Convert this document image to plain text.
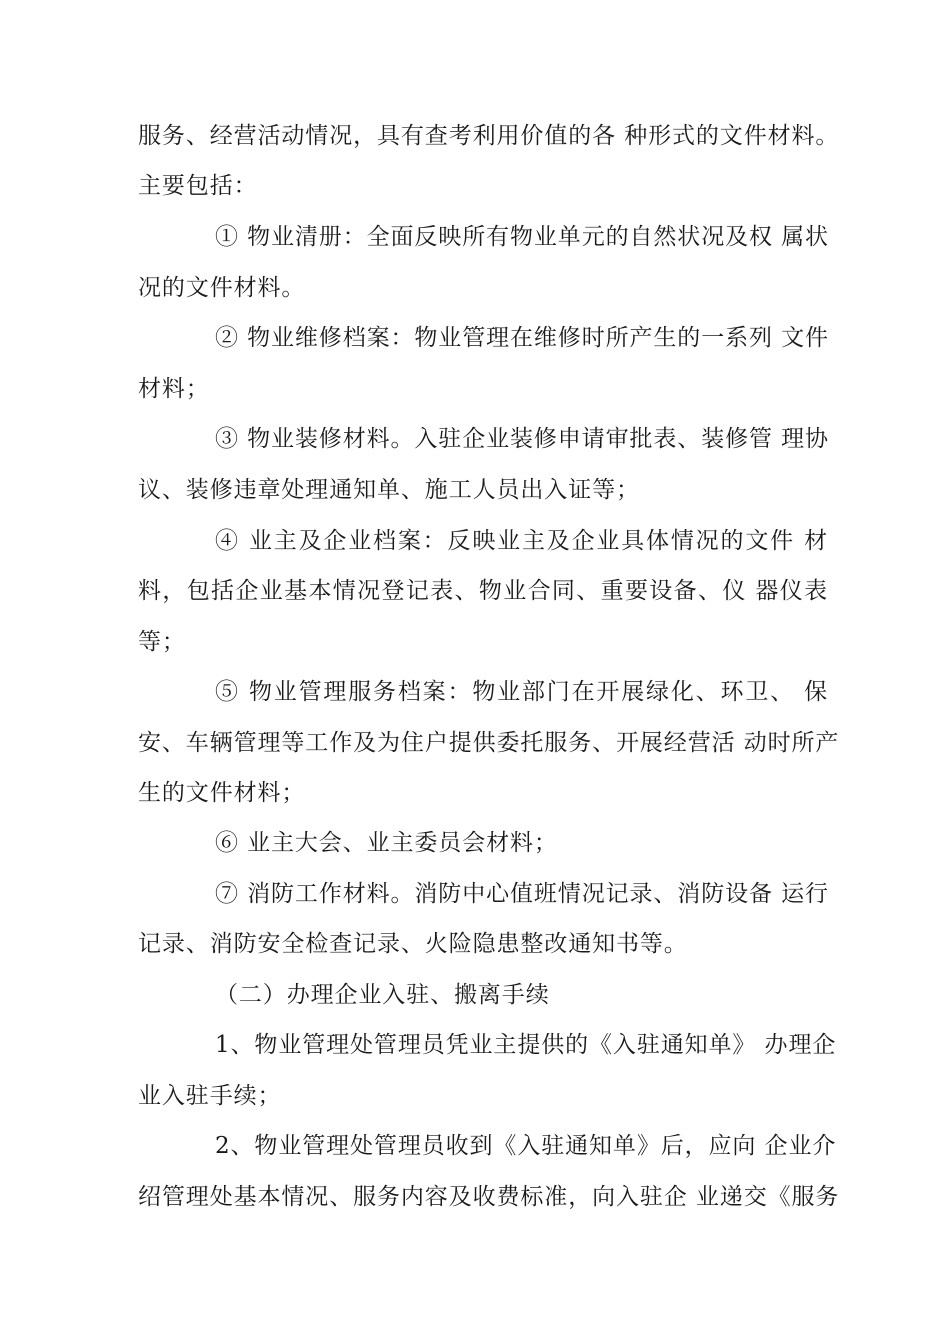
服务、经营活动情况，具有查考利用价值的各 种形式的文件材料。
主要包括：
① 物业清册：全面反映所有物业单元的自然状况及权 属状
况的文件材料。
② 物业维修档案：物业管理在维修时所产生的一系列 文件
材料；
③ 物业装修材料。入驻企业装修申请审批表、装修管 理协
议、装修违章处理通知单、施工人员出入证等；
④ 业主及企业档案：反映业主及企业具体情况的文件 材
料，包括企业基本情况登记表、物业合同、重要设备、仪 器仪表
等；
⑤ 物业管理服务档案：物业部门在开展绿化、环卫、 保
安、车辆管理等工作及为住户提供委托服务、开展经营活 动时所产
生的文件材料；
⑥ 业主大会、业主委员会材料；
⑦ 消防工作材料。消防中心值班情况记录、消防设备 运行
记录、消防安全检查记录、火险隐患整改通知书等。
（二）办理企业入驻、搬离手续
1、物业管理处管理员凭业主提供的《入驻通知单》 办理企
业入驻手续；
2、物业管理处管理员收到《入驻通知单》后，应向 企业介
绍管理处基本情况、服务内容及收费标准，向入驻企 业递交《服务
